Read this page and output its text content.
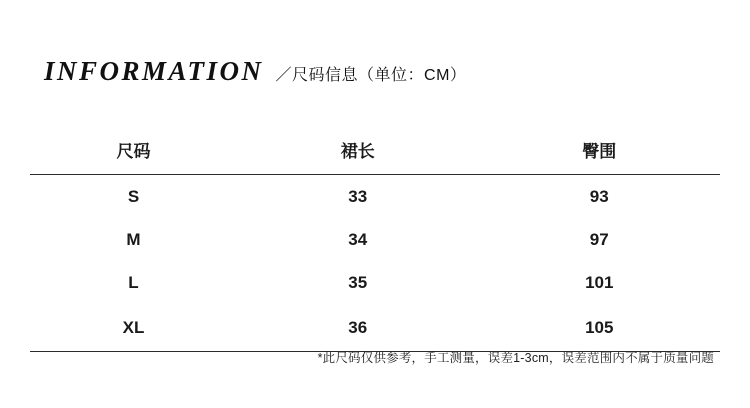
INFORMATION ／尺码信息（单位：CM）
尺码	裙长	臀围
S	33	93
M	34	97
L	35	101
XL	36	105
*此尺码仅供参考，手工测量，误差1-3cm，误差范围内不属于质量问题
